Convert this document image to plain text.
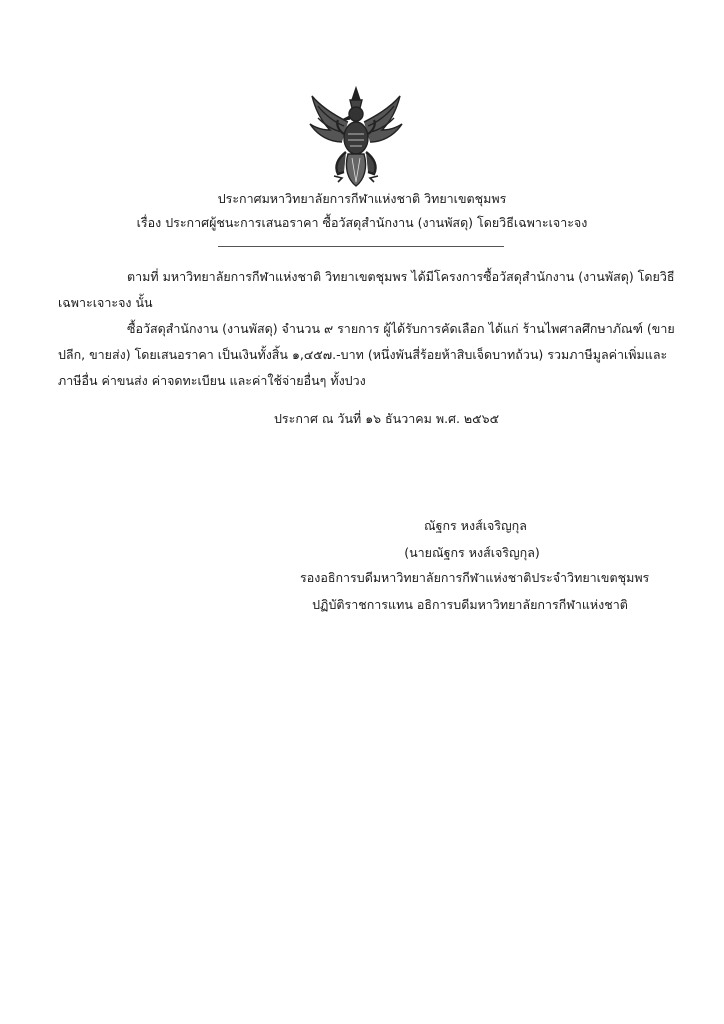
ประกาศมหาวิทยาลัยการกีฬาแห่งชาติ วิทยาเขตชุมพร
เรื่อง ประกาศผู้ชนะการเสนอราคา ซื้อวัสดุสำนักงาน (งานพัสดุ) โดยวิธีเฉพาะเจาะจง
ตามที่ มหาวิทยาลัยการกีฬาแห่งชาติ วิทยาเขตชุมพร ได้มีโครงการซื้อวัสดุสำนักงาน (งานพัสดุ) โดยวิธี
เฉพาะเจาะจง นั้น
ซื้อวัสดุสำนักงาน (งานพัสดุ) จำนวน ๙ รายการ ผู้ได้รับการคัดเลือก ได้แก่ ร้านไพศาลศึกษาภัณฑ์ (ขาย
ปลีก, ขายส่ง) โดยเสนอราคา เป็นเงินทั้งสิ้น ๑,๔๕๗.-บาท (หนึ่งพันสี่ร้อยห้าสิบเจ็ดบาทถ้วน) รวมภาษีมูลค่าเพิ่มและ
ภาษีอื่น ค่าขนส่ง ค่าจดทะเบียน และค่าใช้จ่ายอื่นๆ ทั้งปวง
ประกาศ ณ วันที่ ๑๖ ธันวาคม พ.ศ. ๒๕๖๕
ณัฐกร หงส์เจริญกุล
(นายณัฐกร หงส์เจริญกุล)
รองอธิการบดีมหาวิทยาลัยการกีฬาแห่งชาติประจำวิทยาเขตชุมพร
ปฏิบัติราชการแทน อธิการบดีมหาวิทยาลัยการกีฬาแห่งชาติ
